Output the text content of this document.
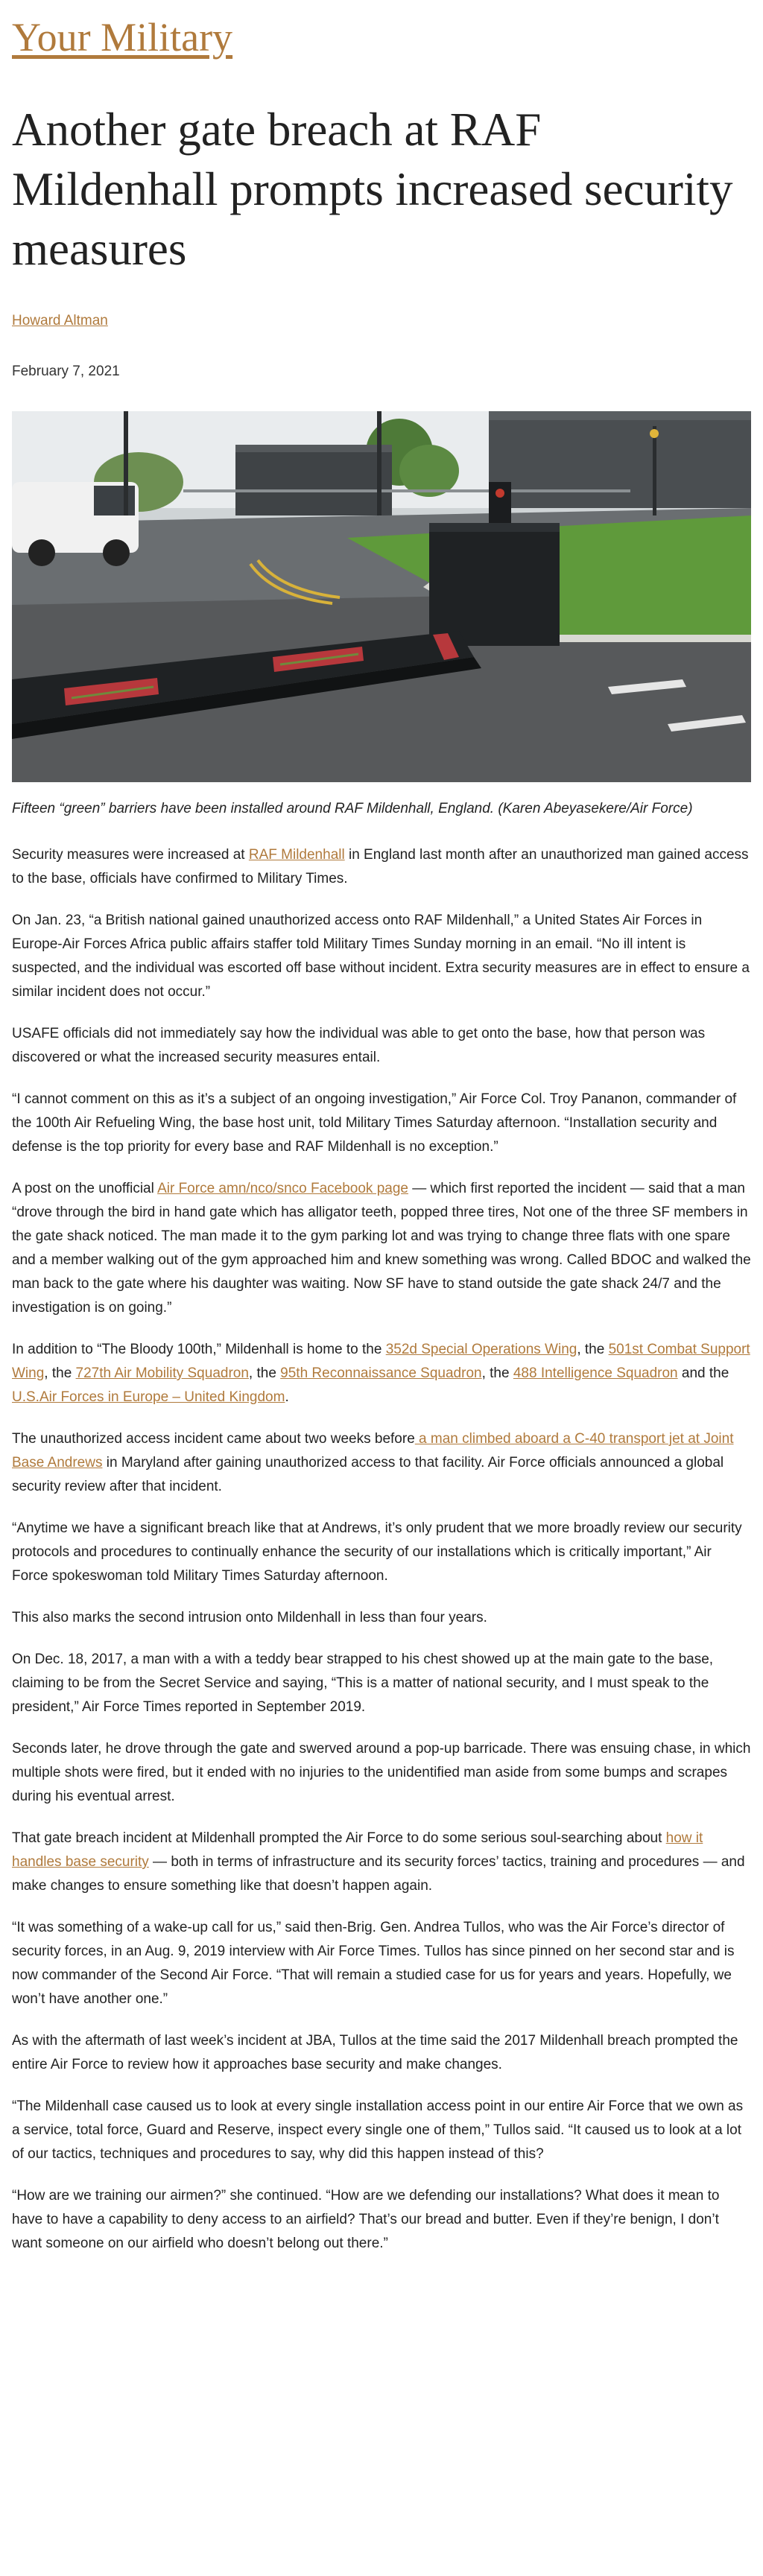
Your Military
Another gate breach at RAF Mildenhall prompts increased security measures
Howard Altman
February 7, 2021
Fifteen “green” barriers have been installed around RAF Mildenhall, England. (Karen Abeyasekere/Air Force)

Security measures were increased at RAF Mildenhall in England last month after an unauthorized man gained access to the base, officials have confirmed to Military Times.

On Jan. 23, “a British national gained unauthorized access onto RAF Mildenhall,” a United States Air Forces in Europe-Air Forces Africa public affairs staffer told Military Times Sunday morning in an email. “No ill intent is suspected, and the individual was escorted off base without incident. Extra security measures are in effect to ensure a similar incident does not occur.”

USAFE officials did not immediately say how the individual was able to get onto the base, how that person was discovered or what the increased security measures entail.

“I cannot comment on this as it’s a subject of an ongoing investigation,” Air Force Col. Troy Pananon, commander of the 100th Air Refueling Wing, the base host unit, told Military Times Saturday afternoon. “Installation security and defense is the top priority for every base and RAF Mildenhall is no exception.”

A post on the unofficial Air Force amn/nco/snco Facebook page — which first reported the incident — said that a man “drove through the bird in hand gate which has alligator teeth, popped three tires, Not one of the three SF members in the gate shack noticed. The man made it to the gym parking lot and was trying to change three flats with one spare and a member walking out of the gym approached him and knew something was wrong. Called BDOC and walked the man back to the gate where his daughter was waiting. Now SF have to stand outside the gate shack 24/7 and the investigation is on going.”

In addition to “The Bloody 100th,” Mildenhall is home to the 352d Special Operations Wing, the 501st Combat Support Wing, the 727th Air Mobility Squadron, the 95th Reconnaissance Squadron, the 488 Intelligence Squadron and the U.S.Air Forces in Europe – United Kingdom.

The unauthorized access incident came about two weeks before a man climbed aboard a C-40 transport jet at Joint Base Andrews in Maryland after gaining unauthorized access to that facility. Air Force officials announced a global security review after that incident.

“Anytime we have a significant breach like that at Andrews, it’s only prudent that we more broadly review our security protocols and procedures to continually enhance the security of our installations which is critically important,” Air Force spokeswoman told Military Times Saturday afternoon.

This also marks the second intrusion onto Mildenhall in less than four years.

On Dec. 18, 2017, a man with a with a teddy bear strapped to his chest showed up at the main gate to the base, claiming to be from the Secret Service and saying, “This is a matter of national security, and I must speak to the president,” Air Force Times reported in September 2019.

Seconds later, he drove through the gate and swerved around a pop-up barricade. There was ensuing chase, in which multiple shots were fired, but it ended with no injuries to the unidentified man aside from some bumps and scrapes during his eventual arrest.

That gate breach incident at Mildenhall prompted the Air Force to do some serious soul-searching about how it handles base security — both in terms of infrastructure and its security forces’ tactics, training and procedures — and make changes to ensure something like that doesn’t happen again.

“It was something of a wake-up call for us,” said then-Brig. Gen. Andrea Tullos, who was the Air Force’s director of security forces, in an Aug. 9, 2019 interview with Air Force Times. Tullos has since pinned on her second star and is now commander of the Second Air Force. “That will remain a studied case for us for years and years. Hopefully, we won’t have another one.”

As with the aftermath of last week’s incident at JBA, Tullos at the time said the 2017 Mildenhall breach prompted the entire Air Force to review how it approaches base security and make changes.

“The Mildenhall case caused us to look at every single installation access point in our entire Air Force that we own as a service, total force, Guard and Reserve, inspect every single one of them,” Tullos said. “It caused us to look at a lot of our tactics, techniques and procedures to say, why did this happen instead of this?

“How are we training our airmen?” she continued. “How are we defending our installations? What does it mean to have to have a capability to deny access to an airfield? That’s our bread and butter. Even if they’re benign, I don’t want someone on our airfield who doesn’t belong out there.”
